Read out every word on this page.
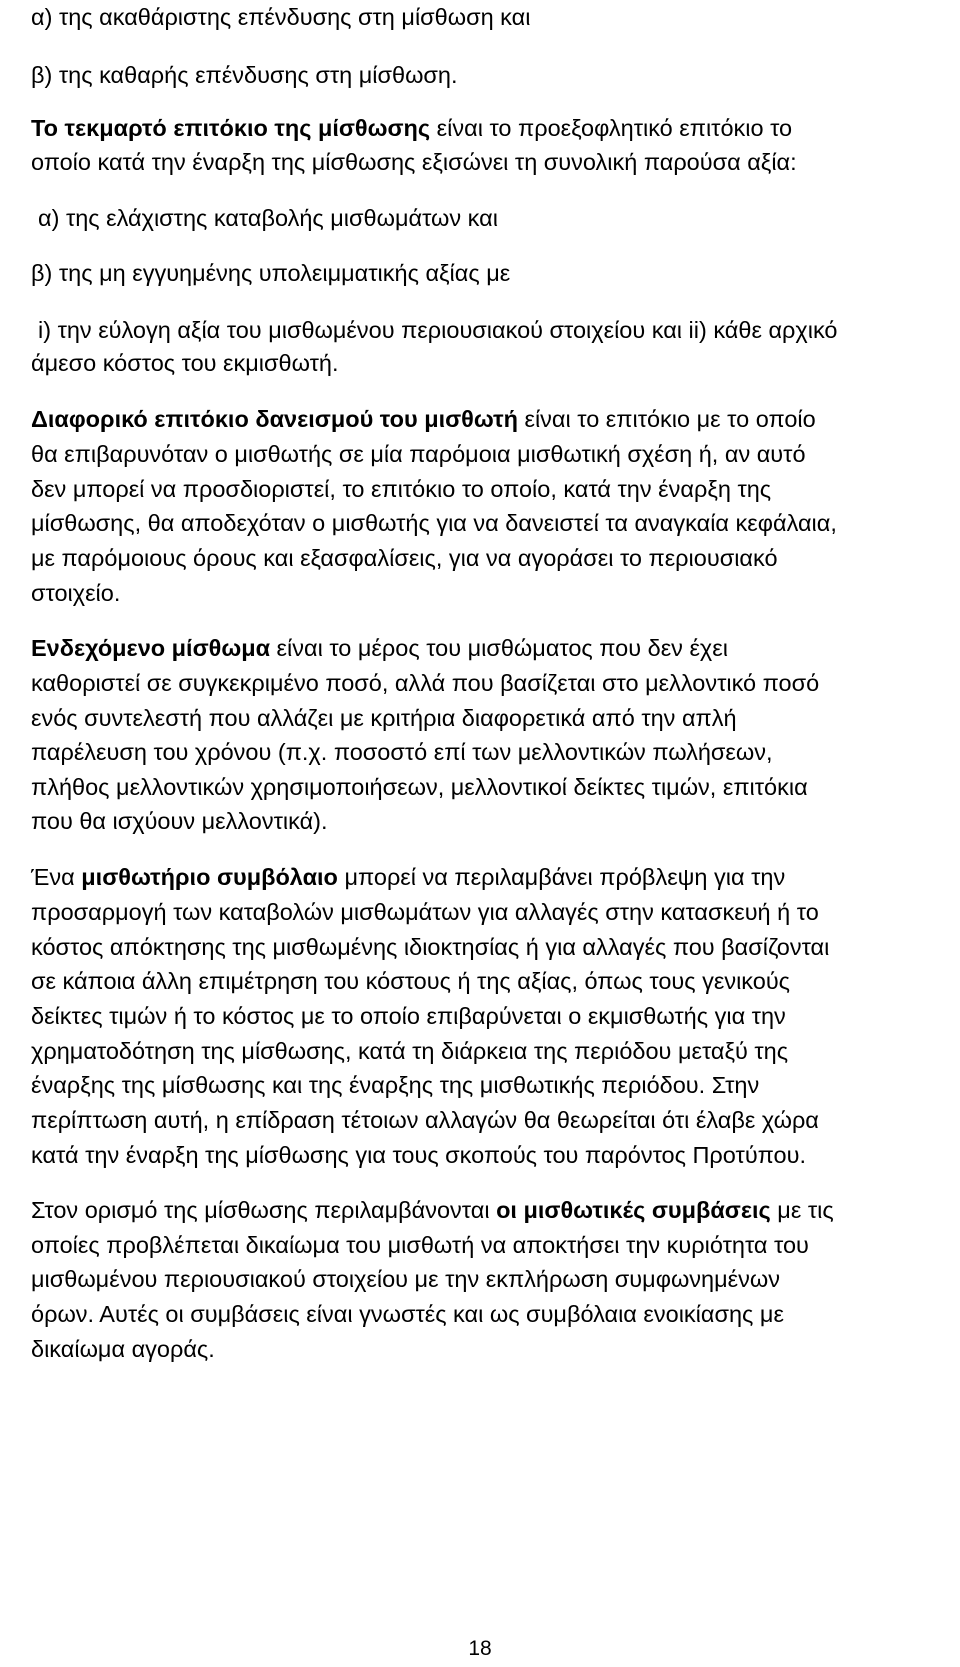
α) της ακαθάριστης επένδυσης στη μίσθωση και
β) της καθαρής επένδυσης στη μίσθωση.
Το τεκμαρτό επιτόκιο της μίσθωσης είναι το προεξοφλητικό επιτόκιο το
οποίο κατά την έναρξη της μίσθωσης εξισώνει τη συνολική παρούσα αξία:
α) της ελάχιστης καταβολής μισθωμάτων και
β) της μη εγγυημένης υπολειμματικής αξίας με
i) την εύλογη αξία του μισθωμένου περιουσιακού στοιχείου και ii) κάθε αρχικό
άμεσο κόστος του εκμισθωτή.
Διαφορικό επιτόκιο δανεισμού του μισθωτή είναι το επιτόκιο με το οποίο
θα επιβαρυνόταν ο μισθωτής σε μία παρόμοια μισθωτική σχέση ή, αν αυτό
δεν μπορεί να προσδιοριστεί, το επιτόκιο το οποίο, κατά την έναρξη της
μίσθωσης, θα αποδεχόταν ο μισθωτής για να δανειστεί τα αναγκαία κεφάλαια,
με παρόμοιους όρους και εξασφαλίσεις, για να αγοράσει το περιουσιακό
στοιχείο.
Ενδεχόμενο μίσθωμα είναι το μέρος του μισθώματος που δεν έχει
καθοριστεί σε συγκεκριμένο ποσό, αλλά που βασίζεται στο μελλοντικό ποσό
ενός συντελεστή που αλλάζει με κριτήρια διαφορετικά από την απλή
παρέλευση του χρόνου (π.χ. ποσοστό επί των μελλοντικών πωλήσεων,
πλήθος μελλοντικών χρησιμοποιήσεων, μελλοντικοί δείκτες τιμών, επιτόκια
που θα ισχύουν μελλοντικά).
Ένα μισθωτήριο συμβόλαιο μπορεί να περιλαμβάνει πρόβλεψη για την
προσαρμογή των καταβολών μισθωμάτων για αλλαγές στην κατασκευή ή το
κόστος απόκτησης της μισθωμένης ιδιοκτησίας ή για αλλαγές που βασίζονται
σε κάποια άλλη επιμέτρηση του κόστους ή της αξίας, όπως τους γενικούς
δείκτες τιμών ή το κόστος με το οποίο επιβαρύνεται ο εκμισθωτής για την
χρηματοδότηση της μίσθωσης, κατά τη διάρκεια της περιόδου μεταξύ της
έναρξης της μίσθωσης και της έναρξης της μισθωτικής περιόδου. Στην
περίπτωση αυτή, η επίδραση τέτοιων αλλαγών θα θεωρείται ότι έλαβε χώρα
κατά την έναρξη της μίσθωσης για τους σκοπούς του παρόντος Προτύπου.
Στον ορισμό της μίσθωσης περιλαμβάνονται οι μισθωτικές συμβάσεις με τις
οποίες προβλέπεται δικαίωμα του μισθωτή να αποκτήσει την κυριότητα του
μισθωμένου περιουσιακού στοιχείου με την εκπλήρωση συμφωνημένων
όρων. Αυτές οι συμβάσεις είναι γνωστές και ως συμβόλαια ενοικίασης με
δικαίωμα αγοράς.
18
